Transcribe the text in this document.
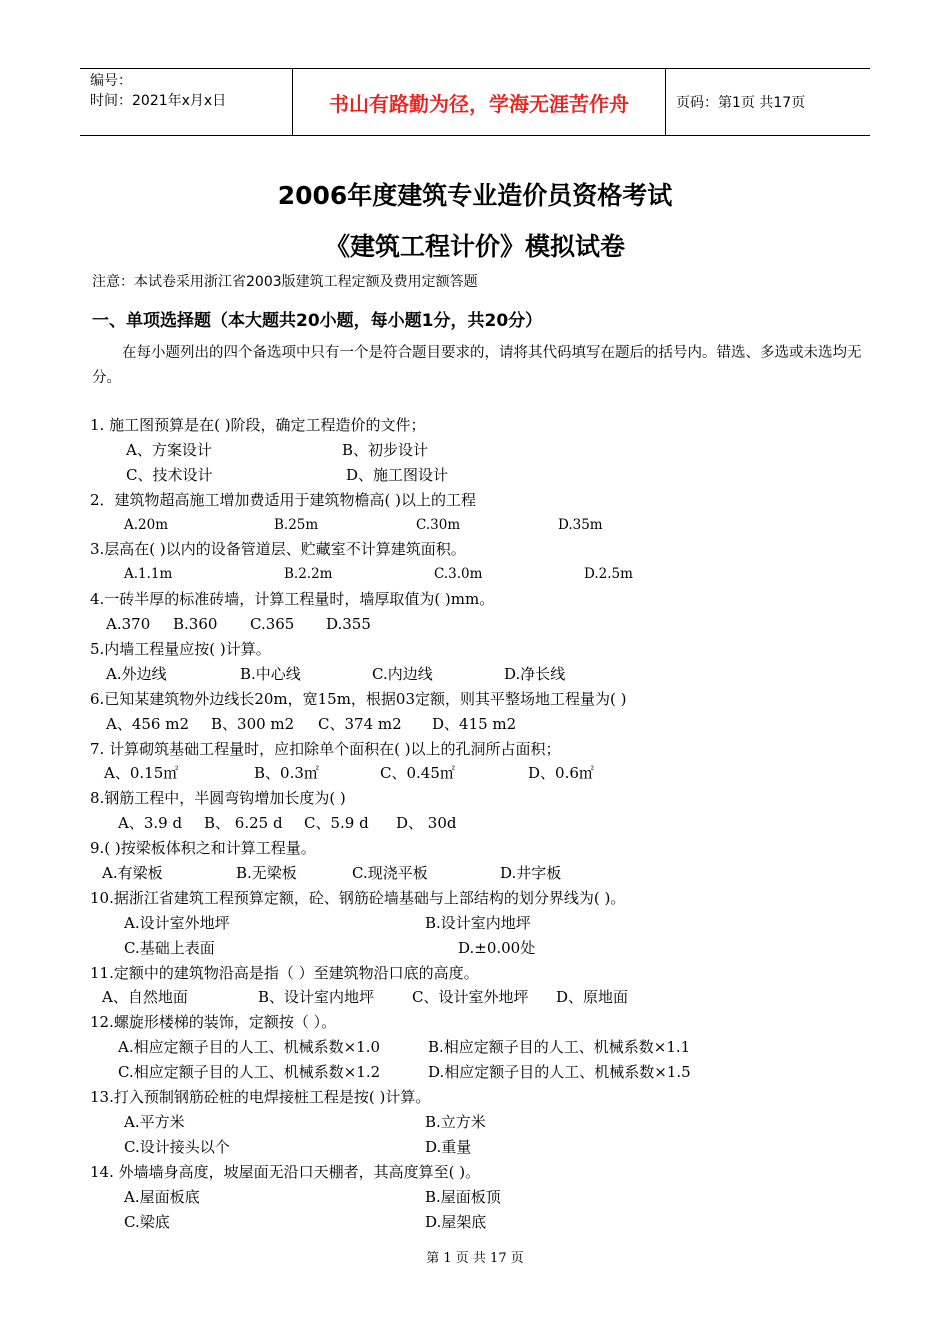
编号：
时间：2021年x月x日	书山有路勤为径，学海无涯苦作舟	页码：第1页 共17页
2006年度建筑专业造价员资格考试
《建筑工程计价》模拟试卷
注意：本试卷采用浙江省2003版建筑工程定额及费用定额答题
一、单项选择题（本大题共20小题，每小题1分，共20分）
在每小题列出的四个备选项中只有一个是符合题目要求的，请将其代码填写在题后的括号内。错选、多选或未选均无分。
1. 施工图预算是在( )阶段，确定工程造价的文件；
A、方案设计	B、初步设计
C、技术设计	D、施工图设计
2．建筑物超高施工增加费适用于建筑物檐高( )以上的工程
A.20m	B.25m	C.30m	D.35m
3.层高在( )以内的设备管道层、贮藏室不计算建筑面积。
A.1.1m	B.2.2m	C.3.0m	D.2.5m
4.一砖半厚的标准砖墙，计算工程量时，墙厚取值为( )mm。
A.370 B.360 C.365 D.355
5.内墙工程量应按( )计算。
A.外边线	B.中心线	C.内边线	D.净长线
6.已知某建筑物外边线长20m，宽15m，根据03定额，则其平整场地工程量为( )
A、456 m2 B、300 m2 C、374 m2 D、415 m2
7. 计算砌筑基础工程量时，应扣除单个面积在( )以上的孔洞所占面积；
A、0.15㎡	B、0.3㎡	C、0.45㎡	D、0.6㎡
8.钢筋工程中，半圆弯钩增加长度为( )
A、3.9 d B、 6.25 d C、5.9 d D、 30d
9.( )按梁板体积之和计算工程量。
A.有梁板	B.无梁板	C.现浇平板	D.井字板
10.据浙江省建筑工程预算定额，砼、钢筋砼墙基础与上部结构的划分界线为( )。
A.设计室外地坪	B.设计室内地坪
C.基础上表面	D.±0.00处
11.定额中的建筑物沿高是指（ ）至建筑物沿口底的高度。
A、自然地面	B、设计室内地坪	C、设计室外地坪 D、原地面
12.螺旋形楼梯的装饰，定额按（ ）。
A.相应定额子目的人工、机械系数×1.0	B.相应定额子目的人工、机械系数×1.1
C.相应定额子目的人工、机械系数×1.2	D.相应定额子目的人工、机械系数×1.5
13.打入预制钢筋砼桩的电焊接桩工程是按( )计算。
A.平方米	B.立方米
C.设计接头以个	D.重量
14. 外墙墙身高度，坡屋面无沿口天棚者，其高度算至( )。
A.屋面板底	B.屋面板顶
C.梁底	D.屋架底
第 1 页 共 17 页
